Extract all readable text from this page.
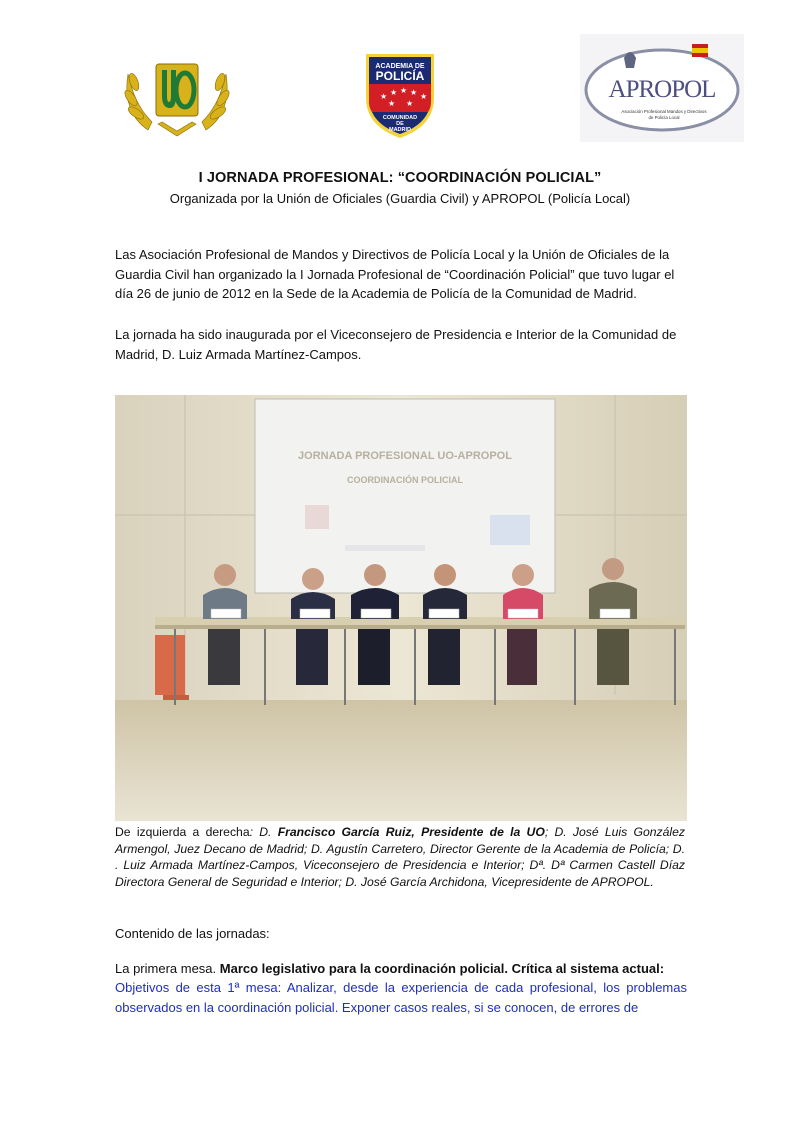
ACADEMIA DE
POLICÍA
COMUNIDAD
DE
MADRID
★ ★ ★ ★ ★
★ ★
APROPOL
Asociación Profesional Mandos y Directivos
de Policía Local
I JORNADA PROFESIONAL: “COORDINACIÓN POLICIAL”
Organizada por la Unión de Oficiales (Guardia Civil) y APROPOL (Policía Local)

Las Asociación Profesional de Mandos y Directivos de Policía Local y la Unión de Oficiales de la Guardia Civil han organizado la I Jornada Profesional de “Coordinación Policial” que tuvo lugar el día 26 de junio de 2012 en la Sede de la Academia de Policía de la Comunidad de Madrid.

La jornada ha sido inaugurada por el Viceconsejero de Presidencia e Interior de la Comunidad de Madrid, D. Luiz Armada Martínez-Campos.

JORNADA PROFESIONAL UO-APROPOL
COORDINACIÓN POLICIAL

De izquierda a derecha: D. Francisco García Ruiz, Presidente de la UO; D. José Luis González Armengol, Juez Decano de Madrid; D. Agustín Carretero, Director Gerente de la Academia de Policía; D. . Luiz Armada Martínez-Campos, Viceconsejero de Presidencia e Interior; Dª. Dª Carmen Castell Díaz Directora General de Seguridad e Interior; D. José García Archidona, Vicepresidente de APROPOL.

Contenido de las jornadas:
La primera mesa. Marco legislativo para la coordinación policial. Crítica al sistema actual:

Objetivos de esta 1ª mesa: Analizar, desde la experiencia de cada profesional, los problemas observados en la coordinación policial. Exponer casos reales, si se conocen, de errores de
